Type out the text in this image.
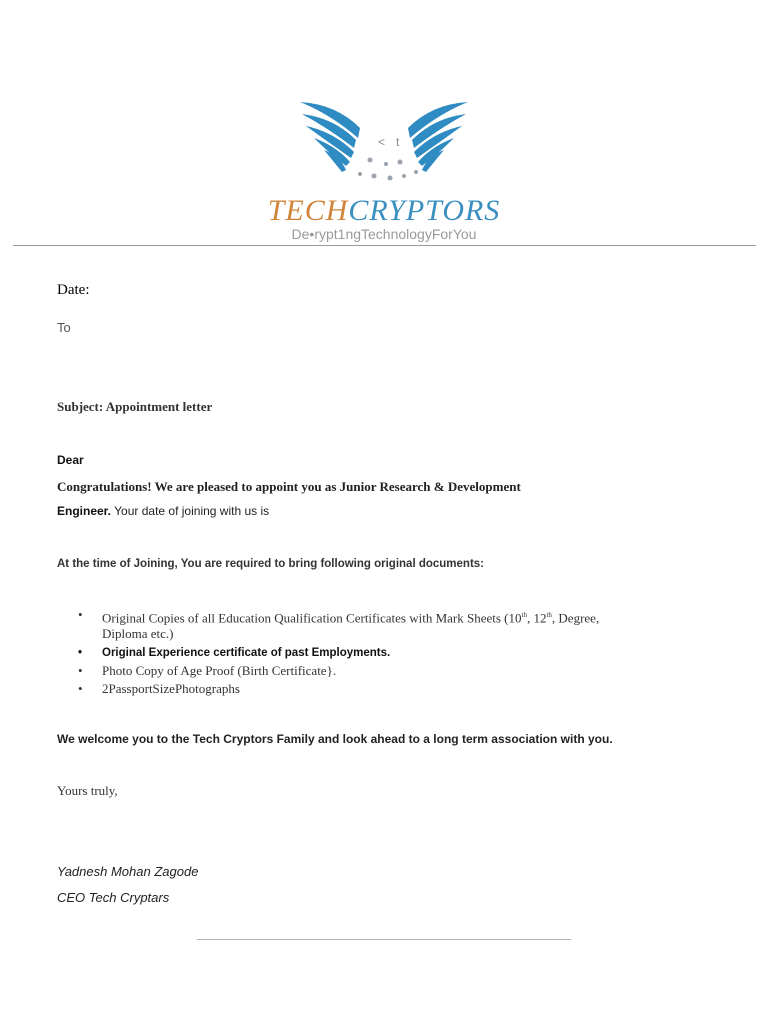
< t
TECHCRYPTORS
De•rypt1ngTechnologyForYou
Date:
To
Subject: Appointment letter
Dear
Congratulations! We are pleased to appoint you as Junior Research & Development
Engineer. Your date of joining with us is
At the time of Joining, You are required to bring following original documents:
• Original Copies of all Education Qualification Certificates with Mark Sheets (10th, 12th, Degree,
Diploma etc.)
• Original Experience certificate of past Employments.
• Photo Copy of Age Proof (Birth Certificate}.
• 2PassportSizePhotographs
We welcome you to the Tech Cryptors Family and look ahead to a long term association with you.
Yours truly,
Yadnesh Mohan Zagode
CEO Tech Cryptars
